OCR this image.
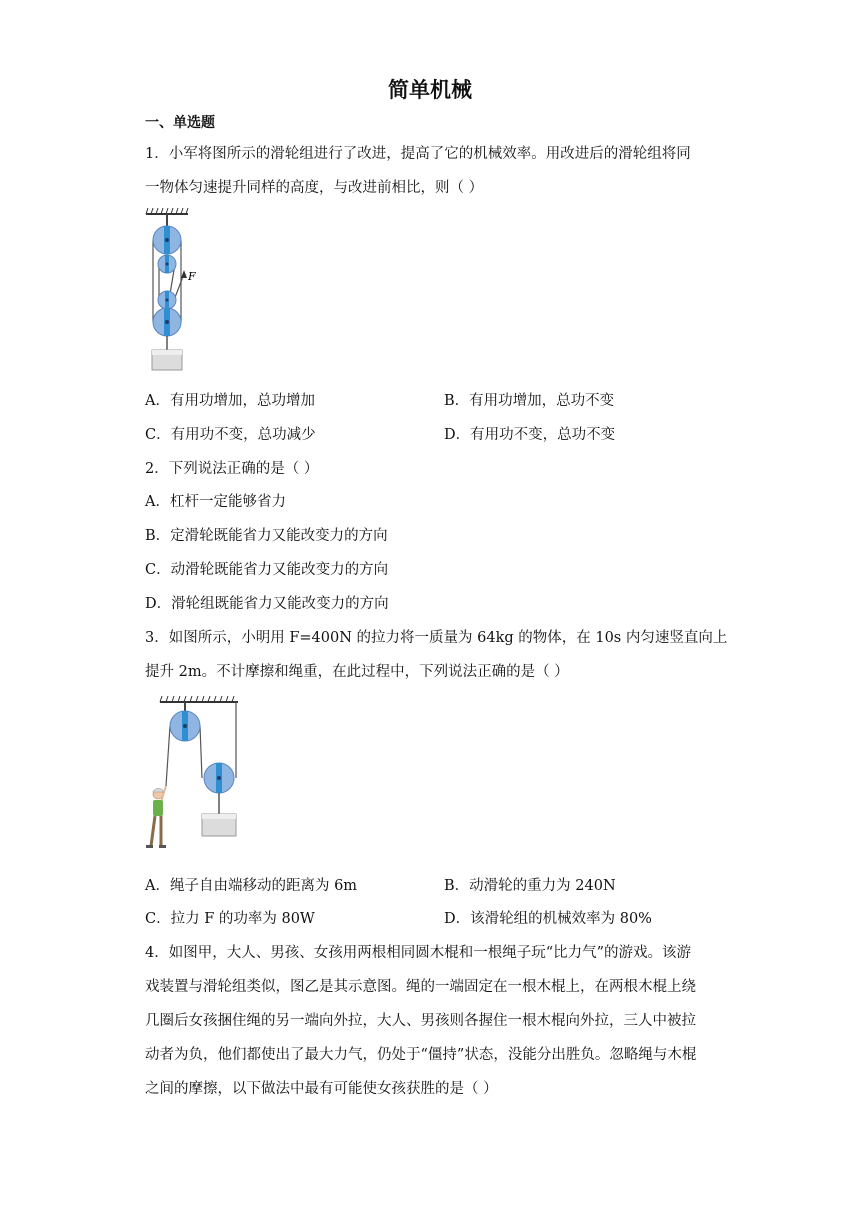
简单机械
一、单选题
1．小军将图所示的滑轮组进行了改进，提高了它的机械效率。用改进后的滑轮组将同
一物体匀速提升同样的高度，与改进前相比，则（ ）
F
A．有用功增加，总功增加	B．有用功增加，总功不变
C．有用功不变，总功减少	D．有用功不变，总功不变
2．下列说法正确的是（ ）
A．杠杆一定能够省力
B．定滑轮既能省力又能改变力的方向
C．动滑轮既能省力又能改变力的方向
D．滑轮组既能省力又能改变力的方向
3．如图所示，小明用 F=400N 的拉力将一质量为 64kg 的物体，在 10s 内匀速竖直向上
提升 2m。不计摩擦和绳重，在此过程中，下列说法正确的是（ ）
A．绳子自由端移动的距离为 6m	B．动滑轮的重力为 240N
C．拉力 F 的功率为 80W	D．该滑轮组的机械效率为 80%
4．如图甲，大人、男孩、女孩用两根相同圆木棍和一根绳子玩“比力气”的游戏。该游
戏装置与滑轮组类似，图乙是其示意图。绳的一端固定在一根木棍上，在两根木棍上绕
几圈后女孩捆住绳的另一端向外拉，大人、男孩则各握住一根木棍向外拉，三人中被拉
动者为负，他们都使出了最大力气，仍处于“僵持”状态，没能分出胜负。忽略绳与木棍
之间的摩擦，以下做法中最有可能使女孩获胜的是（ ）
